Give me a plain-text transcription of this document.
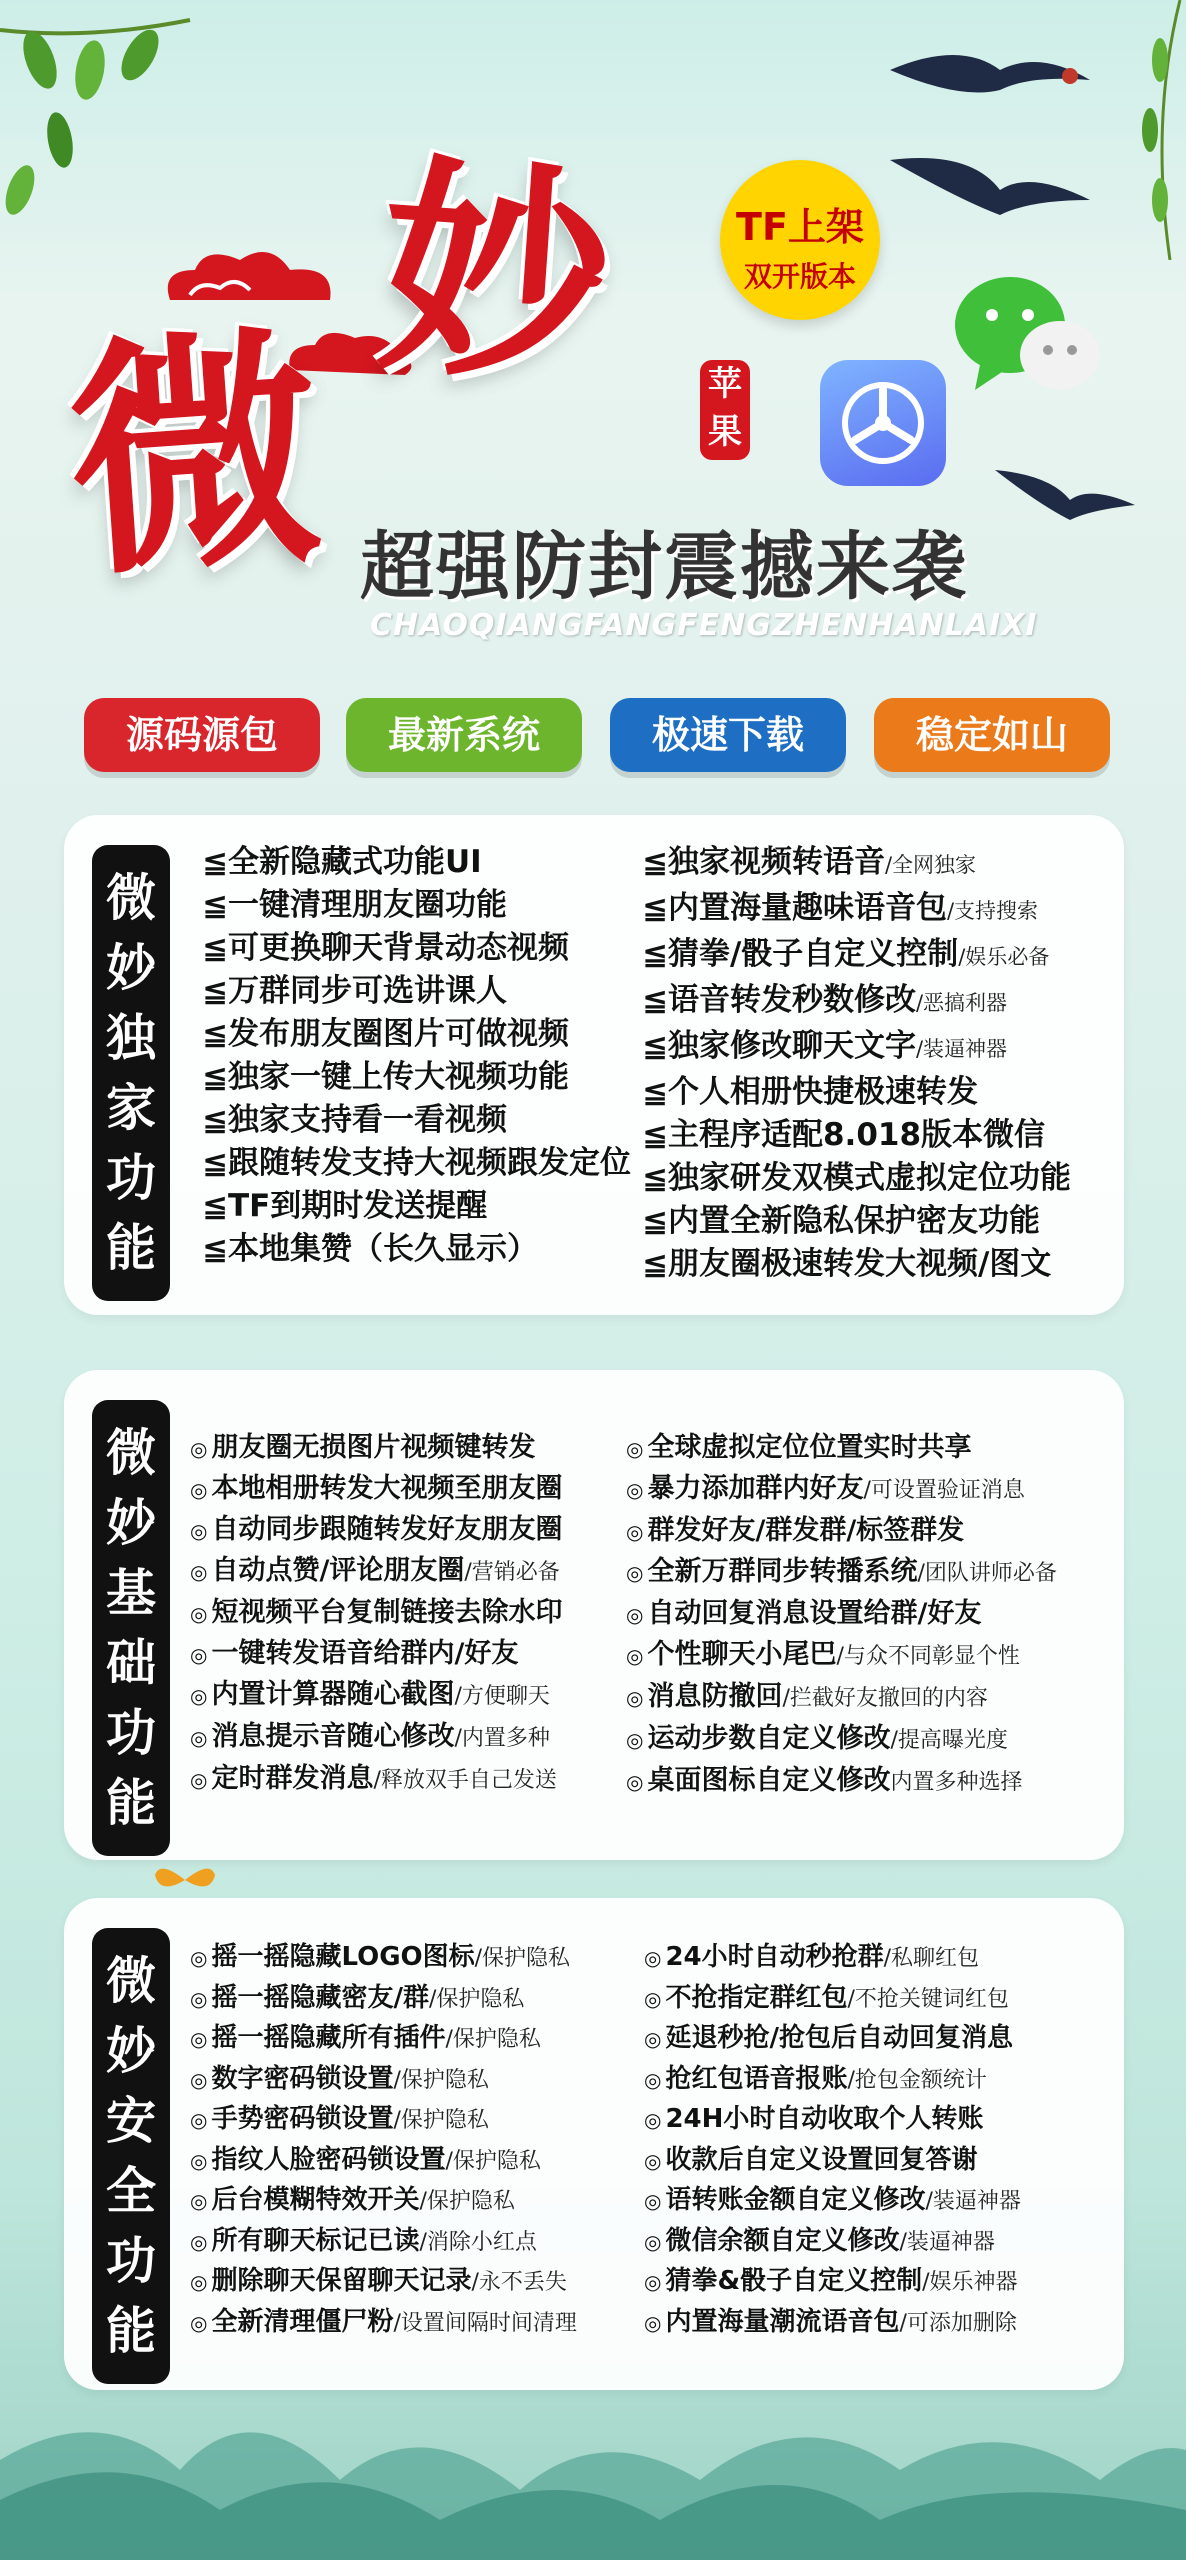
妙
微
TF上架
双开版本
苹
果
超强防封震撼来袭
CHAOQIANGFANGFENGZHENHANLAIXI
源码源包	最新系统	极速下载	稳定如山
微
妙
独
家
功
能
≦全新隐藏式功能UI
≦一键清理朋友圈功能
≦可更换聊天背景动态视频
≦万群同步可选讲课人
≦发布朋友圈图片可做视频
≦独家一键上传大视频功能
≦独家支持看一看视频
≦跟随转发支持大视频跟发定位
≦TF到期时发送提醒
≦本地集赞（长久显示）
≦独家视频转语音/全网独家
≦内置海量趣味语音包/支持搜索
≦猜拳/骰子自定义控制/娱乐必备
≦语音转发秒数修改/恶搞利器
≦独家修改聊天文字/装逼神器
≦个人相册快捷极速转发
≦主程序适配8.018版本微信
≦独家研发双模式虚拟定位功能
≦内置全新隐私保护密友功能
≦朋友圈极速转发大视频/图文
微
妙
基
础
功
能
◎ 朋友圈无损图片视频键转发
◎ 本地相册转发大视频至朋友圈
◎ 自动同步跟随转发好友朋友圈
◎ 自动点赞/评论朋友圈/营销必备
◎ 短视频平台复制链接去除水印
◎ 一键转发语音给群内/好友
◎ 内置计算器随心截图/方便聊天
◎ 消息提示音随心修改/内置多种
◎ 定时群发消息/释放双手自己发送
◎ 全球虚拟定位位置实时共享
◎ 暴力添加群内好友/可设置验证消息
◎ 群发好友/群发群/标签群发
◎ 全新万群同步转播系统/团队讲师必备
◎ 自动回复消息设置给群/好友
◎ 个性聊天小尾巴/与众不同彰显个性
◎ 消息防撤回/拦截好友撤回的内容
◎ 运动步数自定义修改/提高曝光度
◎ 桌面图标自定义修改内置多种选择
微
妙
安
全
功
能
◎ 摇一摇隐藏LOGO图标/保护隐私
◎ 摇一摇隐藏密友/群/保护隐私
◎ 摇一摇隐藏所有插件/保护隐私
◎ 数字密码锁设置/保护隐私
◎ 手势密码锁设置/保护隐私
◎ 指纹人脸密码锁设置/保护隐私
◎ 后台模糊特效开关/保护隐私
◎ 所有聊天标记已读/消除小红点
◎ 删除聊天保留聊天记录/永不丢失
◎ 全新清理僵尸粉/设置间隔时间清理
◎ 24小时自动秒抢群/私聊红包
◎ 不抢指定群红包/不抢关键词红包
◎ 延退秒抢/抢包后自动回复消息
◎ 抢红包语音报账/抢包金额统计
◎ 24H小时自动收取个人转账
◎ 收款后自定义设置回复答谢
◎ 语转账金额自定义修改/装逼神器
◎ 微信余额自定义修改/装逼神器
◎ 猜拳&骰子自定义控制/娱乐神器
◎ 内置海量潮流语音包/可添加删除
